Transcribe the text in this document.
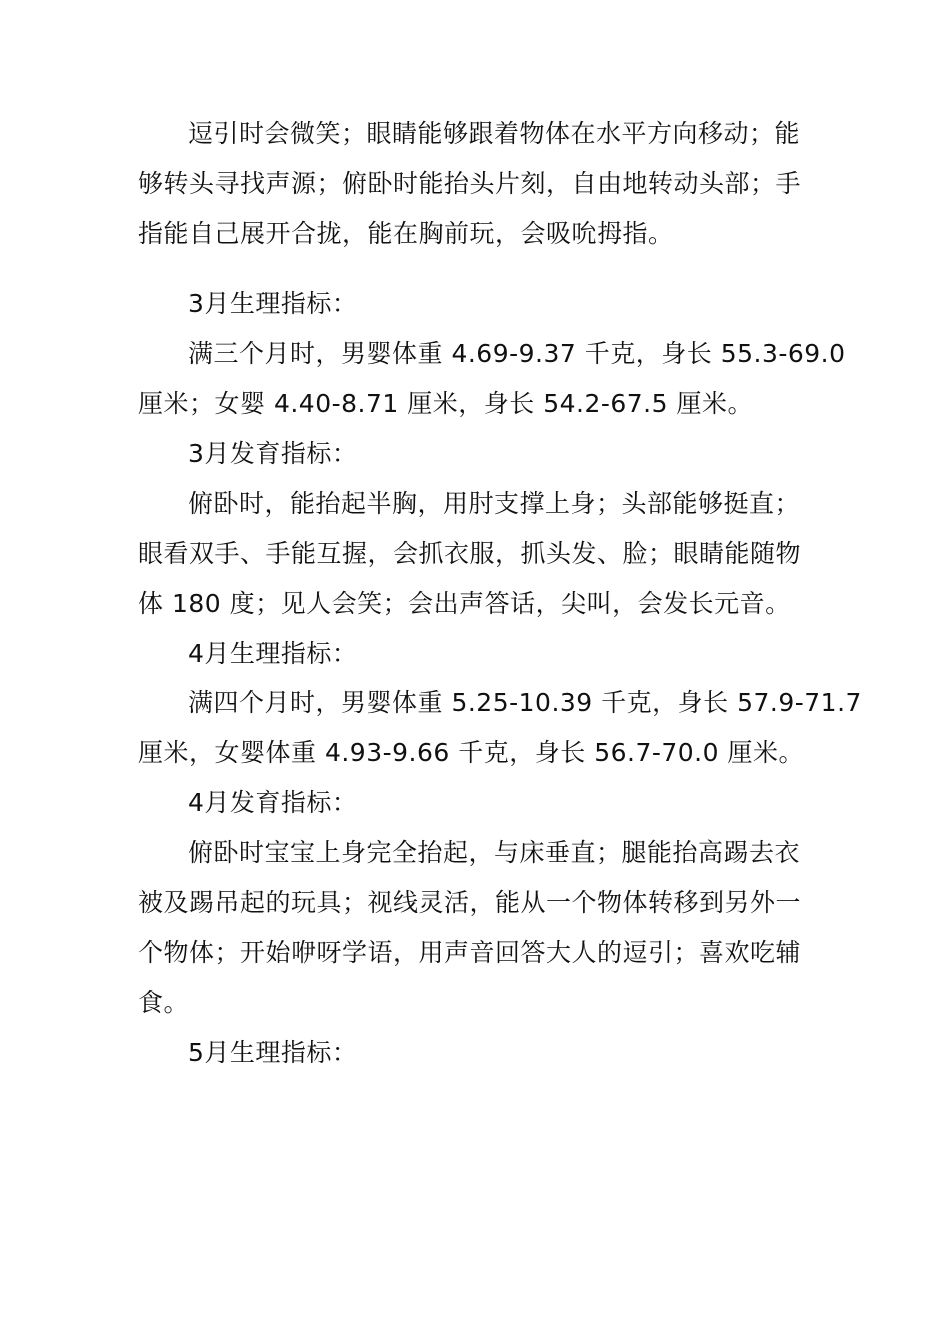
逗引时会微笑；眼睛能够跟着物体在水平方向移动；能
够转头寻找声源；俯卧时能抬头片刻，自由地转动头部；手
指能自己展开合拢，能在胸前玩，会吸吮拇指。
3月生理指标：
满三个月时，男婴体重 4.69-9.37 千克，身长 55.3-69.0
厘米；女婴 4.40-8.71 厘米，身长 54.2-67.5 厘米。
3月发育指标：
俯卧时，能抬起半胸，用肘支撑上身；头部能够挺直；
眼看双手、手能互握，会抓衣服，抓头发、脸；眼睛能随物
体 180 度；见人会笑；会出声答话，尖叫，会发长元音。
4月生理指标：
满四个月时，男婴体重 5.25-10.39 千克，身长 57.9-71.7
厘米，女婴体重 4.93-9.66 千克，身长 56.7-70.0 厘米。
4月发育指标：
俯卧时宝宝上身完全抬起，与床垂直；腿能抬高踢去衣
被及踢吊起的玩具；视线灵活，能从一个物体转移到另外一
个物体；开始咿呀学语，用声音回答大人的逗引；喜欢吃辅
食。
5月生理指标：
